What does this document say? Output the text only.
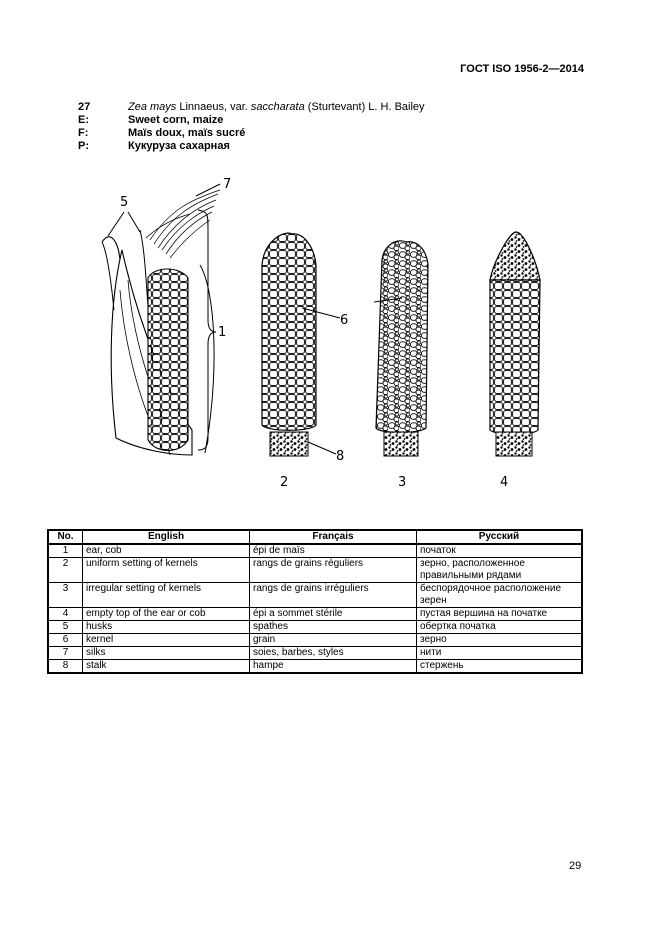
ГОСТ ISO 1956-2—2014
27	Zea mays Linnaeus, var. saccharata (Sturtevant) L. H. Bailey
E:	Sweet corn, maize
F:	Maïs doux, maïs sucré
P:	Кукуруза сахарная
5
7
1
2
6
8
3	4
No.	English	Français	Русский
1	ear, cob	épi de maïs	початок
2	uniform setting of kernels	rangs de grains réguliers	зерно, расположенное правильными рядами
3	irregular setting of kernels	rangs de grains irréguliers	беспорядочное расположение зерен
4	empty top of the ear or cob	épi a sommet stérile	пустая вершина на початке
5	husks	spathes	обертка початка
6	kernel	grain	зерно
7	silks	soies, barbes, styles	нити
8	stalk	hampe	стержень
29
